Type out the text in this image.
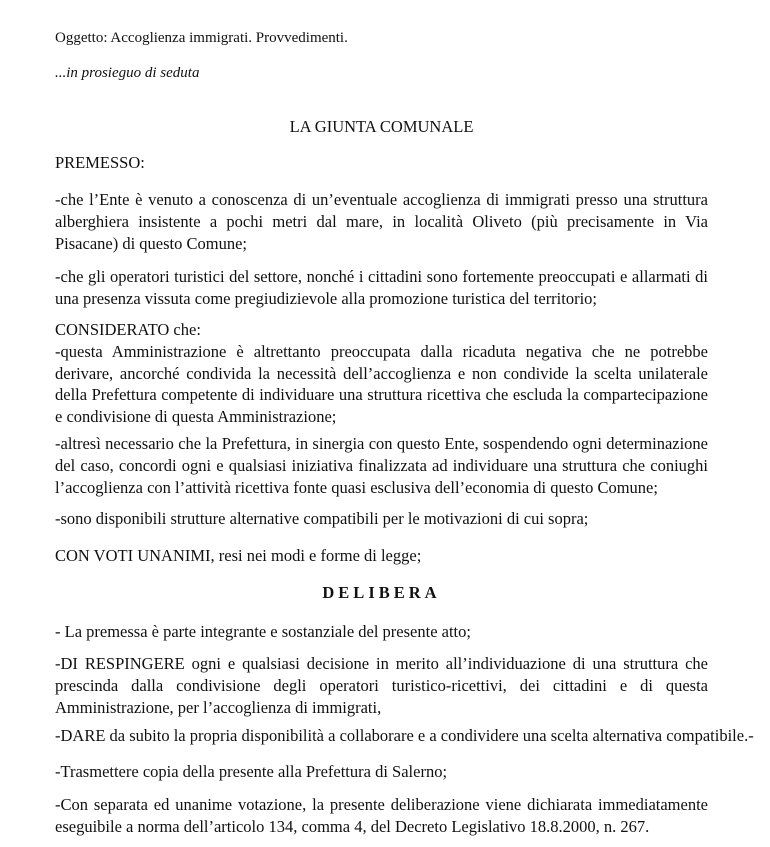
Oggetto: Accoglienza immigrati. Provvedimenti.
...in prosieguo di seduta
LA GIUNTA COMUNALE
PREMESSO:
-che l’Ente è venuto a conoscenza di un’eventuale accoglienza di immigrati presso una struttura alberghiera insistente a pochi metri dal mare, in località Oliveto (più precisamente in Via Pisacane) di questo Comune;
-che gli operatori turistici del settore, nonché i cittadini sono fortemente preoccupati e allarmati di una presenza vissuta come pregiudizievole alla promozione turistica del territorio;
CONSIDERATO che:
-questa Amministrazione è altrettanto preoccupata dalla ricaduta negativa che ne potrebbe derivare, ancorché condivida la necessità dell’accoglienza e non condivide la scelta unilaterale della Prefettura competente di individuare una struttura ricettiva che escluda la compartecipazione e condivisione di questa Amministrazione;
-altresì necessario che la Prefettura, in sinergia con questo Ente, sospendendo ogni determinazione del caso, concordi ogni e qualsiasi iniziativa finalizzata ad individuare una struttura che coniughi l’accoglienza con l’attività ricettiva fonte quasi esclusiva dell’economia di questo Comune;
-sono disponibili strutture alternative compatibili per le motivazioni di cui sopra;
CON VOTI UNANIMI, resi nei modi e forme di legge;
DELIBERA
- La premessa è parte integrante e sostanziale del presente atto;
-DI RESPINGERE ogni e qualsiasi decisione in merito all’individuazione di una struttura che prescinda dalla condivisione degli operatori turistico-ricettivi, dei cittadini e di questa Amministrazione, per l’accoglienza di immigrati,
-DARE da subito la propria disponibilità a collaborare e a condividere una scelta alternativa compatibile.-
-Trasmettere copia della presente alla Prefettura di Salerno;
-Con separata ed unanime votazione, la presente deliberazione viene dichiarata immediatamente eseguibile a norma dell’articolo 134, comma 4, del Decreto Legislativo 18.8.2000, n. 267.
